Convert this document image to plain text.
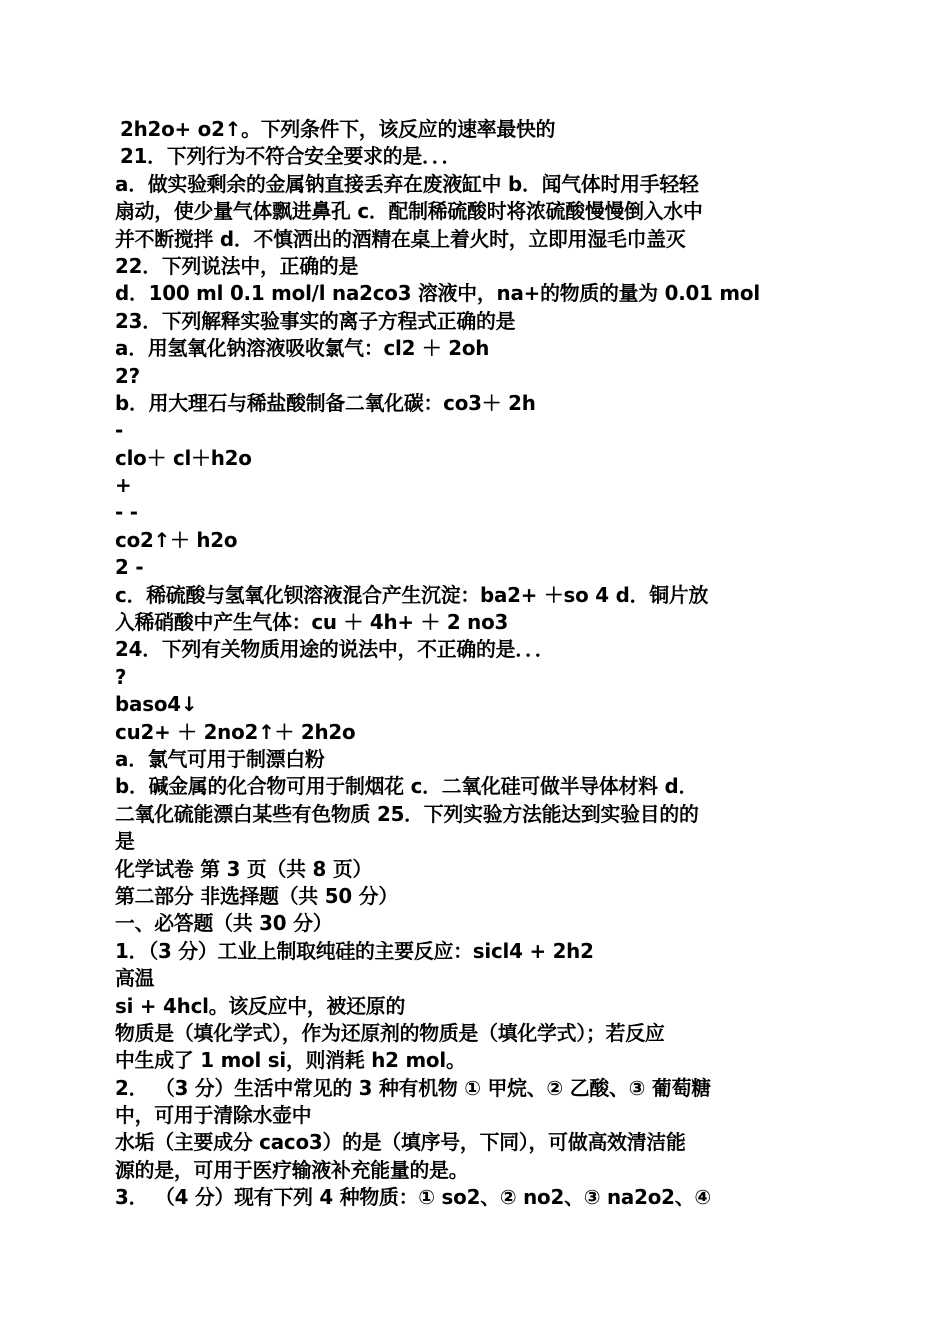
2h2o+ o2↑。下列条件下，该反应的速率最快的
21．下列行为不符合安全要求的是．．．
a．做实验剩余的金属钠直接丢弃在废液缸中 b．闻气体时用手轻轻
扇动，使少量气体飘进鼻孔 c．配制稀硫酸时将浓硫酸慢慢倒入水中
并不断搅拌 d．不慎洒出的酒精在桌上着火时，立即用湿毛巾盖灭
22．下列说法中，正确的是
d．100 ml 0.1 mol/l na2co3 溶液中，na+的物质的量为 0.01 mol
23．下列解释实验事实的离子方程式正确的是
a．用氢氧化钠溶液吸收氯气：cl2 ＋ 2oh
2?
b．用大理石与稀盐酸制备二氧化碳：co3＋ 2h
-
clo＋ cl＋h2o
+
- -
co2↑＋ h2o
2 -
c．稀硫酸与氢氧化钡溶液混合产生沉淀：ba2+ ＋so 4 d．铜片放
入稀硝酸中产生气体：cu ＋ 4h+ ＋ 2 no3
24．下列有关物质用途的说法中，不正确的是．．．
?
baso4↓
cu2+ ＋ 2no2↑＋ 2h2o
a．氯气可用于制漂白粉
b．碱金属的化合物可用于制烟花 c．二氧化硅可做半导体材料 d．
二氧化硫能漂白某些有色物质 25．下列实验方法能达到实验目的的
是
化学试卷 第 3 页（共 8 页）
第二部分 非选择题（共 50 分）
一、必答题（共 30 分）
1．（3 分）工业上制取纯硅的主要反应：sicl4 + 2h2
高温
si + 4hcl。该反应中，被还原的
物质是（填化学式），作为还原剂的物质是（填化学式）；若反应
中生成了 1 mol si，则消耗 h2 mol。
2． （3 分）生活中常见的 3 种有机物 ① 甲烷、② 乙酸、③ 葡萄糖
中，可用于清除水壶中
水垢（主要成分 caco3）的是（填序号，下同），可做高效清洁能
源的是，可用于医疗输液补充能量的是。
3． （4 分）现有下列 4 种物质：① so2、② no2、③ na2o2、④
